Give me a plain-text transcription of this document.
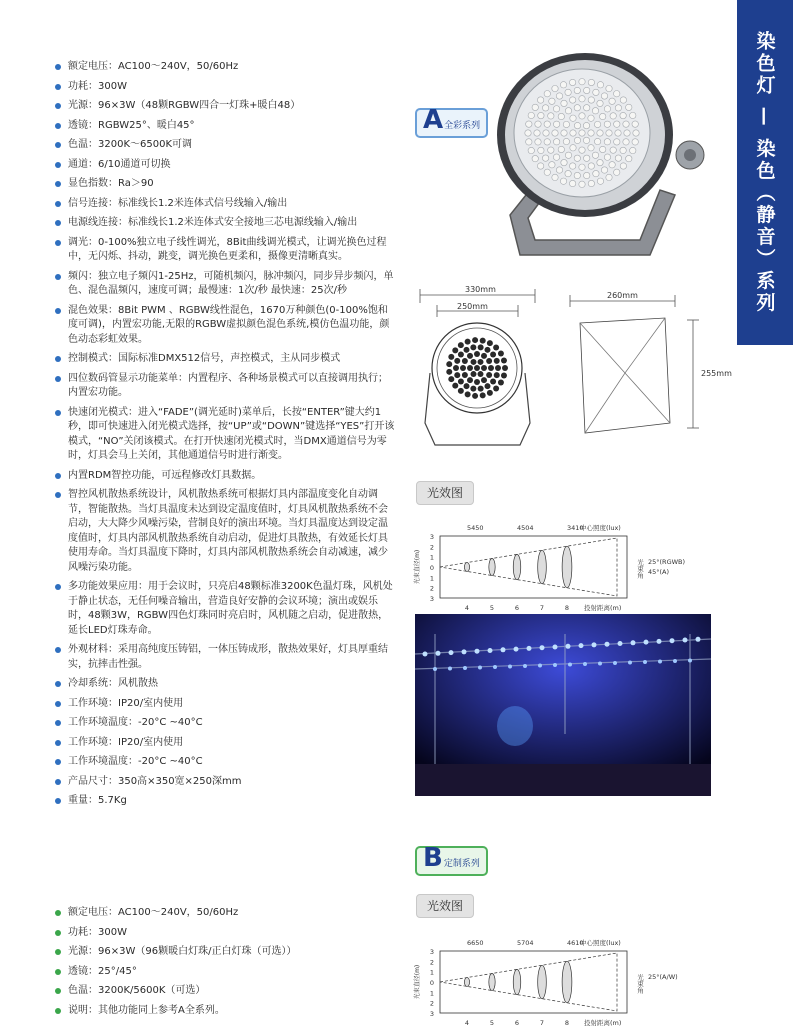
染色灯 — 染色（静音）系列
额定电压：AC100～240V，50/60Hz
功耗：300W
光源：96×3W（48颗RGBW四合一灯珠+暖白48）
透镜：RGBW25°、暖白45°
色温：3200K～6500K可调
通道：6/10通道可切换
显色指数：Ra＞90
信号连接：标准线长1.2米连体式信号线输入/输出
电源线连接：标准线长1.2米连体式安全接地三芯电源线输入/输出
调光：0-100%独立电子线性调光，8Bit曲线调光模式，让调光换色过程中，无闪烁、抖动，跳变，调光换色更柔和，摄像更清晰真实。
频闪：独立电子频闪1-25Hz，可随机频闪，脉冲频闪，同步异步频闪，单色、混色温频闪，速度可调；最慢速：1次/秒 最快速：25次/秒
混色效果：8Bit PWM 、RGBW线性混色，1670万种颜色(0-100%饱和度可调)，内置宏功能,无限的RGBW虚拟颜色混色系统,模仿色温功能，颜色动态彩虹效果。
控制模式：国际标准DMX512信号，声控模式，主从同步模式
四位数码管显示功能菜单：内置程序、各种场景模式可以直接调用执行；内置宏功能。
快速闭光模式：进入“FADE”(调光延时)菜单后，长按“ENTER”键大约1秒，即可快速进入闭光模式选择，按“UP”或“DOWN”键选择“YES”打开该模式，“NO”关闭该模式。在打开快速闭光模式时，当DMX通道信号为零时，灯具会马上关闭，其他通道信号时进行渐变。
内置RDM智控功能，可远程修改灯具数据。
智控风机散热系统设计，风机散热系统可根据灯具内部温度变化自动调节，智能散热。当灯具温度未达到设定温度值时，灯具风机散热系统不会启动，大大降少风噪污染，营制良好的演出环境。当灯具温度达到设定温度值时，灯具内部风机散热系统自动启动，促进灯具散热，有效延长灯具使用寿命。当灯具温度下降时，灯具内部风机散热系统会自动减速，减少风噪污染功能。
多功能效果应用：用于会议时，只亮启48颗标准3200K色温灯珠，风机处于静止状态，无任何噪音输出，营造良好安静的会议环境；演出或娱乐时，48颗3W，RGBW四色灯珠同时亮启时，风机随之启动，促进散热，延长LED灯珠寿命。
外观材料：采用高纯度压铸铝，一体压铸成形，散热效果好，灯具厚重结实，抗摔击性强。
冷却系统：风机散热
工作环境：IP20/室内使用
工作环境温度：-20°C ~40°C
工作环境：IP20/室内使用
工作环境温度：-20°C ~40°C
产品尺寸：350高×350宽×250深mm
重量：5.7Kg
额定电压：AC100～240V，50/60Hz
功耗：300W
光源：96×3W（96颗暖白灯珠/正白灯珠（可选））
透镜：25°/45°
色温：3200K/5600K（可选）
说明：其他功能同上参考A全系列。
A 全彩系列
B 定制系列
光效图
光效图
330mm
250mm
260mm
255mm
3
2
1
0
1
2
3
光束直径(m)
4	5	6	7	8 投射距离(m)
5450	4504	3410
中心照度(lux)
光束角 25°(RGWB)
45°(A)
3
2
1
0
1
2
3
光束直径(m)
4	5	6	7	8 投射距离(m)
6650	5704	4610
中心照度(lux)
光束角 25°(A/W)
